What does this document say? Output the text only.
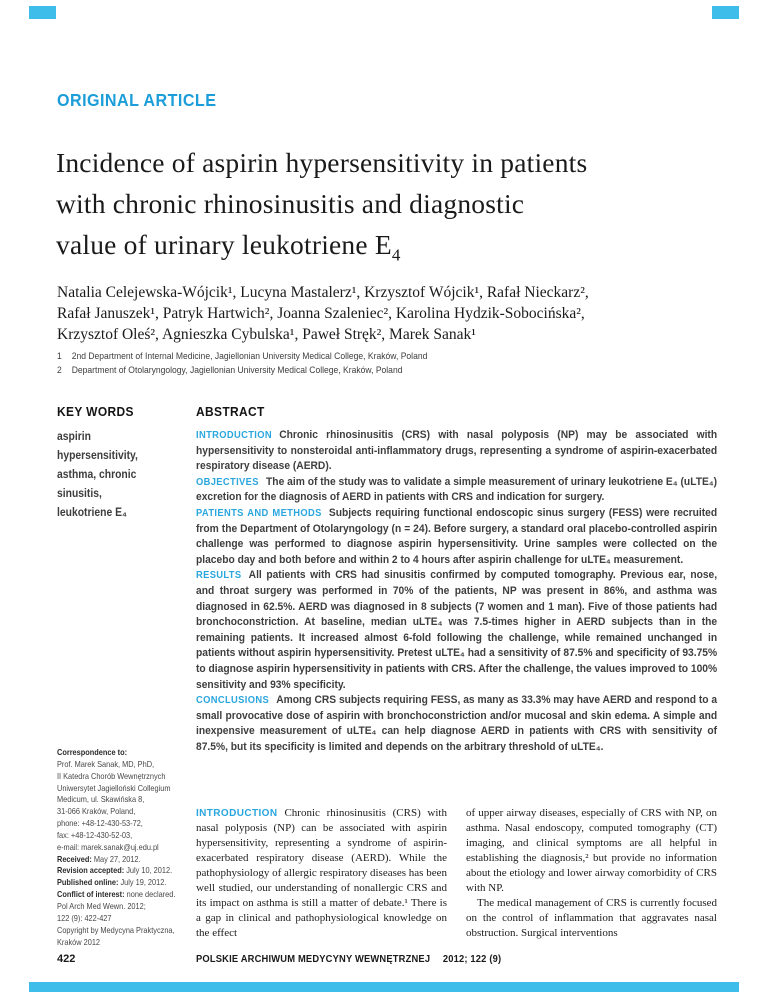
ORIGINAL ARTICLE
Incidence of aspirin hypersensitivity in patients
with chronic rhinosinusitis and diagnostic
value of urinary leukotriene $E_4$
Natalia Celejewska-Wójcik¹, Lucyna Mastalerz¹, Krzysztof Wójcik¹, Rafał Nieckarz²,
Rafał Januszek¹, Patryk Hartwich², Joanna Szaleniec², Karolina Hydzik-Sobocińska²,
Krzysztof Oleś², Agnieszka Cybulska¹, Paweł Stręk², Marek Sanak¹
1 2nd Department of Internal Medicine, Jagiellonian University Medical College, Kraków, Poland
2 Department of Otolaryngology, Jagiellonian University Medical College, Kraków, Poland
KEY WORDS	ABSTRACT
aspirin
hypersensitivity,
asthma, chronic
sinusitis,
leukotriene E₄

INTRODUCTION Chronic rhinosinusitis (CRS) with nasal polyposis (NP) may be associated with hypersensitivity to nonsteroidal anti-inflammatory drugs, representing a syndrome of aspirin-exacerbated respiratory disease (AERD).

OBJECTIVES The aim of the study was to validate a simple measurement of urinary leukotriene E₄ (uLTE₄) excretion for the diagnosis of AERD in patients with CRS and indication for surgery.

PATIENTS AND METHODS Subjects requiring functional endoscopic sinus surgery (FESS) were recruited from the Department of Otolaryngology (n = 24). Before surgery, a standard oral placebo-controlled aspirin challenge was performed to diagnose aspirin hypersensitivity. Urine samples were collected on the placebo day and both before and within 2 to 4 hours after aspirin challenge for uLTE₄ measurement.

RESULTS All patients with CRS had sinusitis confirmed by computed tomography. Previous ear, nose, and throat surgery was performed in 70% of the patients, NP was present in 86%, and asthma was diagnosed in 62.5%. AERD was diagnosed in 8 subjects (7 women and 1 man). Five of those patients had bronchoconstriction. At baseline, median uLTE₄ was 7.5-times higher in AERD subjects than in the remaining patients. It increased almost 6-fold following the challenge, while remained unchanged in patients without aspirin hypersensitivity. Pretest uLTE₄ had a sensitivity of 87.5% and specificity of 93.75% to diagnose aspirin hypersensitivity in patients with CRS. After the challenge, the values improved to 100% sensitivity and 93% specificity.

CONCLUSIONS Among CRS subjects requiring FESS, as many as 33.3% may have AERD and respond to a small provocative dose of aspirin with bronchoconstriction and/or mucosal and skin edema. A simple and inexpensive measurement of uLTE₄ can help diagnose AERD in patients with CRS with sensitivity of 87.5%, but its specificity is limited and depends on the arbitrary threshold of uLTE₄.

Correspondence to:
Prof. Marek Sanak, MD, PhD,
II Katedra Chorób Wewnętrznych
Uniwersytet Jagielloński Collegium
Medicum, ul. Skawińska 8,
31-066 Kraków, Poland,
phone: +48-12-430-53-72,
fax: +48-12-430-52-03,
e-mail: marek.sanak@uj.edu.pl
Received: May 27, 2012.
Revision accepted: July 10, 2012.
Published online: July 19, 2012.
Conflict of interest: none declared.
Pol Arch Med Wewn. 2012;
122 (9): 422-427
Copyright by Medycyna Praktyczna,
Kraków 2012

INTRODUCTION Chronic rhinosinusitis (CRS) with nasal polyposis (NP) can be associated with aspirin hypersensitivity, representing a syndrome of aspirin-exacerbated respiratory disease (AERD). While the pathophysiology of allergic respiratory diseases has been well studied, our understanding of nonallergic CRS and its impact on asthma is still a matter of debate.¹ There is a gap in clinical and pathophysiological knowledge on the effect

of upper airway diseases, especially of CRS with NP, on asthma. Nasal endoscopy, computed tomography (CT) imaging, and clinical symptoms are all helpful in establishing the diagnosis,² but provide no information about the etiology and lower airway comorbidity of CRS with NP.

The medical management of CRS is currently focused on the control of inflammation that aggravates nasal obstruction. Surgical interventions

422	POLSKIE ARCHIWUM MEDYCYNY WEWNĘTRZNEJ 2012; 122 (9)
